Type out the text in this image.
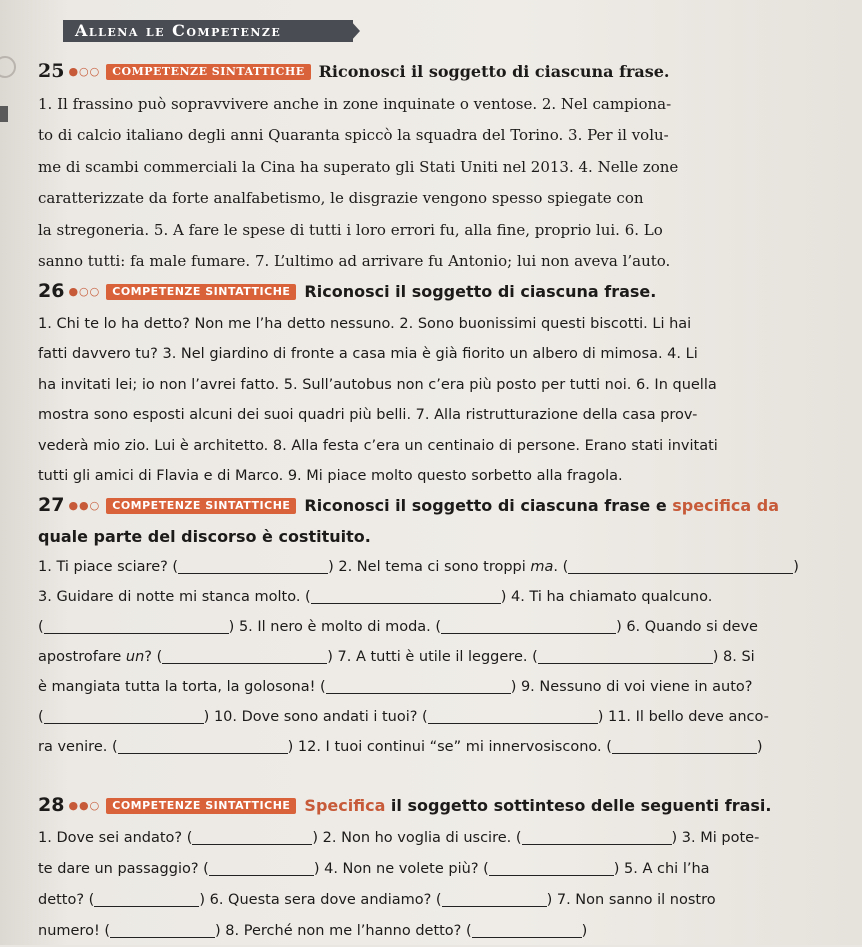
Allena le Competenze

25 ●○○ COMPETENZE SINTATTICHE Riconosci il soggetto di ciascuna frase.

1. Il frassino può sopravvivere anche in zone inquinate o ventose. 2. Nel campiona-

to di calcio italiano degli anni Quaranta spiccò la squadra del Torino. 3. Per il volu-

me di scambi commerciali la Cina ha superato gli Stati Uniti nel 2013. 4. Nelle zone

caratterizzate da forte analfabetismo, le disgrazie vengono spesso spiegate con

la stregoneria. 5. A fare le spese di tutti i loro errori fu, alla fine, proprio lui. 6. Lo

sanno tutti: fa male fumare. 7. L’ultimo ad arrivare fu Antonio; lui non aveva l’auto.

26 ●○○ COMPETENZE SINTATTICHE Riconosci il soggetto di ciascuna frase.

1. Chi te lo ha detto? Non me l’ha detto nessuno. 2. Sono buonissimi questi biscotti. Li hai

fatti davvero tu? 3. Nel giardino di fronte a casa mia è già fiorito un albero di mimosa. 4. Li

ha invitati lei; io non l’avrei fatto. 5. Sull’autobus non c’era più posto per tutti noi. 6. In quella

mostra sono esposti alcuni dei suoi quadri più belli. 7. Alla ristrutturazione della casa prov-

vederà mio zio. Lui è architetto. 8. Alla festa c’era un centinaio di persone. Erano stati invitati

tutti gli amici di Flavia e di Marco. 9. Mi piace molto questo sorbetto alla fragola.

27 ●●○ COMPETENZE SINTATTICHE Riconosci il soggetto di ciascuna frase e specifica da

quale parte del discorso è costituito.

1. Ti piace sciare? (	) 2. Nel tema ci sono troppi ma. (	)

3. Guidare di notte mi stanca molto. (	) 4. Ti ha chiamato qualcuno.

(	) 5. Il nero è molto di moda. (	) 6. Quando si deve

apostrofare un? (	) 7. A tutti è utile il leggere. (	) 8. Si

è mangiata tutta la torta, la golosona! (	) 9. Nessuno di voi viene in auto?

(	) 10. Dove sono andati i tuoi? (	) 11. Il bello deve anco-

ra venire. (	) 12. I tuoi continui “se” mi innervosiscono. (	)

28 ●●○ COMPETENZE SINTATTICHE Specifica il soggetto sottinteso delle seguenti frasi.

1. Dove sei andato? (	) 2. Non ho voglia di uscire. (	) 3. Mi pote-

te dare un passaggio? (	) 4. Non ne volete più? (	) 5. A chi l’ha

detto? (	) 6. Questa sera dove andiamo? (	) 7. Non sanno il nostro

numero! (	) 8. Perché non me l’hanno detto? (	)
